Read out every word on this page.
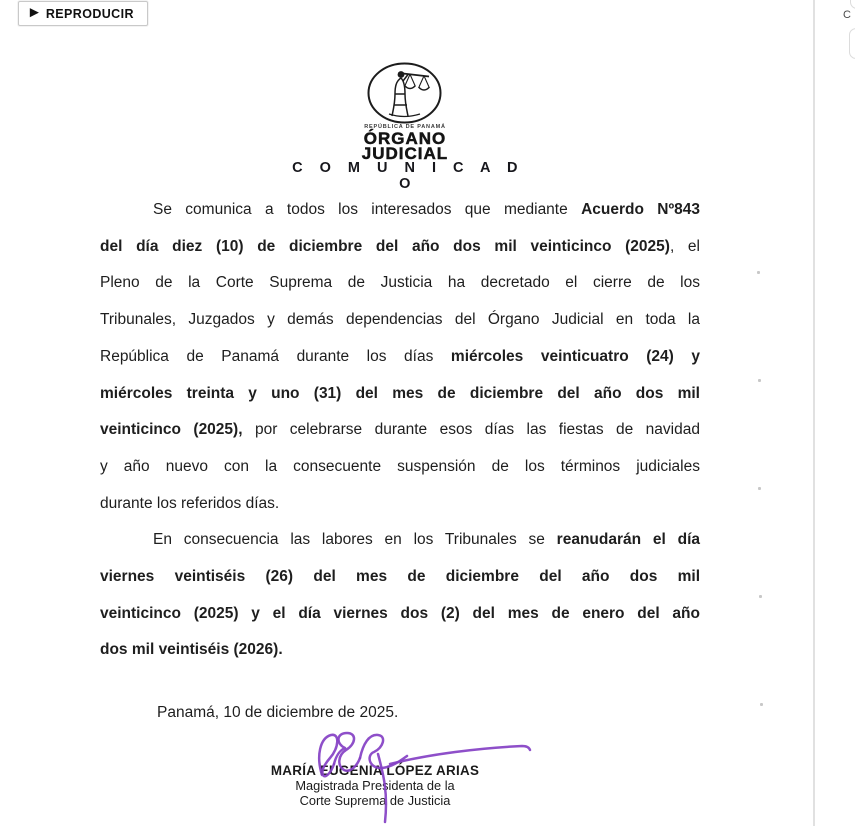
▶ REPRODUCIR
REPÚBLICA DE PANAMÁ
ÓRGANO
JUDICIAL
C O M U N I C A D O
Se comunica a todos los interesados que mediante Acuerdo Nº843
del día diez (10) de diciembre del año dos mil veinticinco (2025), el
Pleno de la Corte Suprema de Justicia ha decretado el cierre de los
Tribunales, Juzgados y demás dependencias del Órgano Judicial en toda la
República de Panamá durante los días miércoles veinticuatro (24) y
miércoles treinta y uno (31) del mes de diciembre del año dos mil
veinticinco (2025), por celebrarse durante esos días las fiestas de navidad
y año nuevo con la consecuente suspensión de los términos judiciales
durante los referidos días.
En consecuencia las labores en los Tribunales se reanudarán el día
viernes veintiséis (26) del mes de diciembre del año dos mil
veinticinco (2025) y el día viernes dos (2) del mes de enero del año
dos mil veintiséis (2026).
Panamá, 10 de diciembre de 2025.
MARÍA EUGENIA LÓPEZ ARIAS
Magistrada Presidenta de la
Corte Suprema de Justicia
C
